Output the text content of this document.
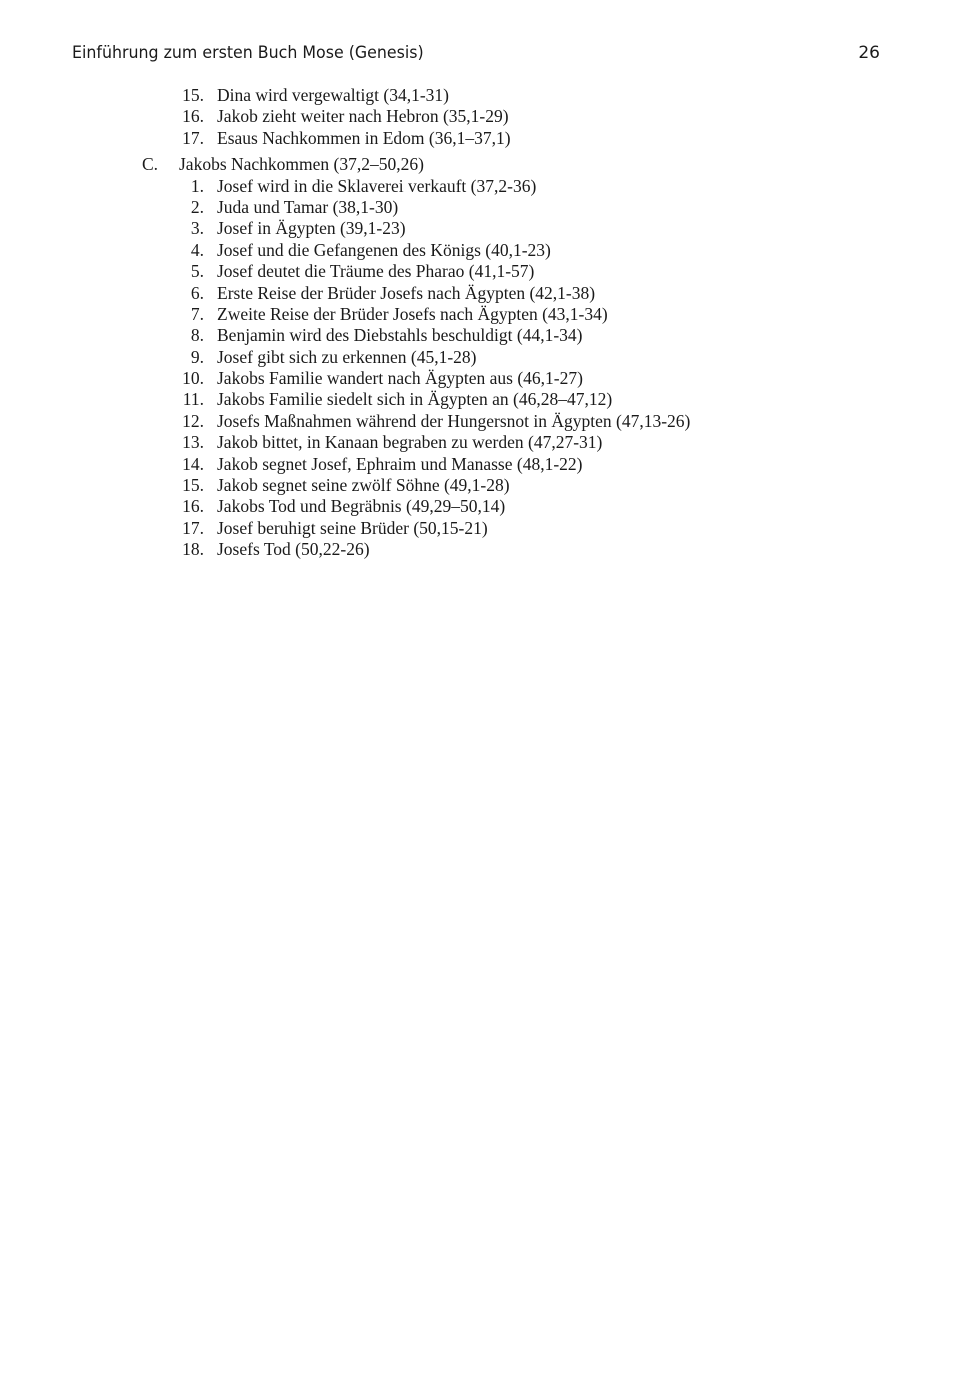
Einführung zum ersten Buch Mose (Genesis)	26
15. Dina wird vergewaltigt (34,1-31)
16. Jakob zieht weiter nach Hebron (35,1-29)
17. Esaus Nachkommen in Edom (36,1–37,1)
C. Jakobs Nachkommen (37,2–50,26)
1. Josef wird in die Sklaverei verkauft (37,2-36)
2. Juda und Tamar (38,1-30)
3. Josef in Ägypten (39,1-23)
4. Josef und die Gefangenen des Königs (40,1-23)
5. Josef deutet die Träume des Pharao (41,1-57)
6. Erste Reise der Brüder Josefs nach Ägypten (42,1-38)
7. Zweite Reise der Brüder Josefs nach Ägypten (43,1-34)
8. Benjamin wird des Diebstahls beschuldigt (44,1-34)
9. Josef gibt sich zu erkennen (45,1-28)
10. Jakobs Familie wandert nach Ägypten aus (46,1-27)
11. Jakobs Familie siedelt sich in Ägypten an (46,28–47,12)
12. Josefs Maßnahmen während der Hungersnot in Ägypten (47,13-26)
13. Jakob bittet, in Kanaan begraben zu werden (47,27-31)
14. Jakob segnet Josef, Ephraim und Manasse (48,1-22)
15. Jakob segnet seine zwölf Söhne (49,1-28)
16. Jakobs Tod und Begräbnis (49,29–50,14)
17. Josef beruhigt seine Brüder (50,15-21)
18. Josefs Tod (50,22-26)
